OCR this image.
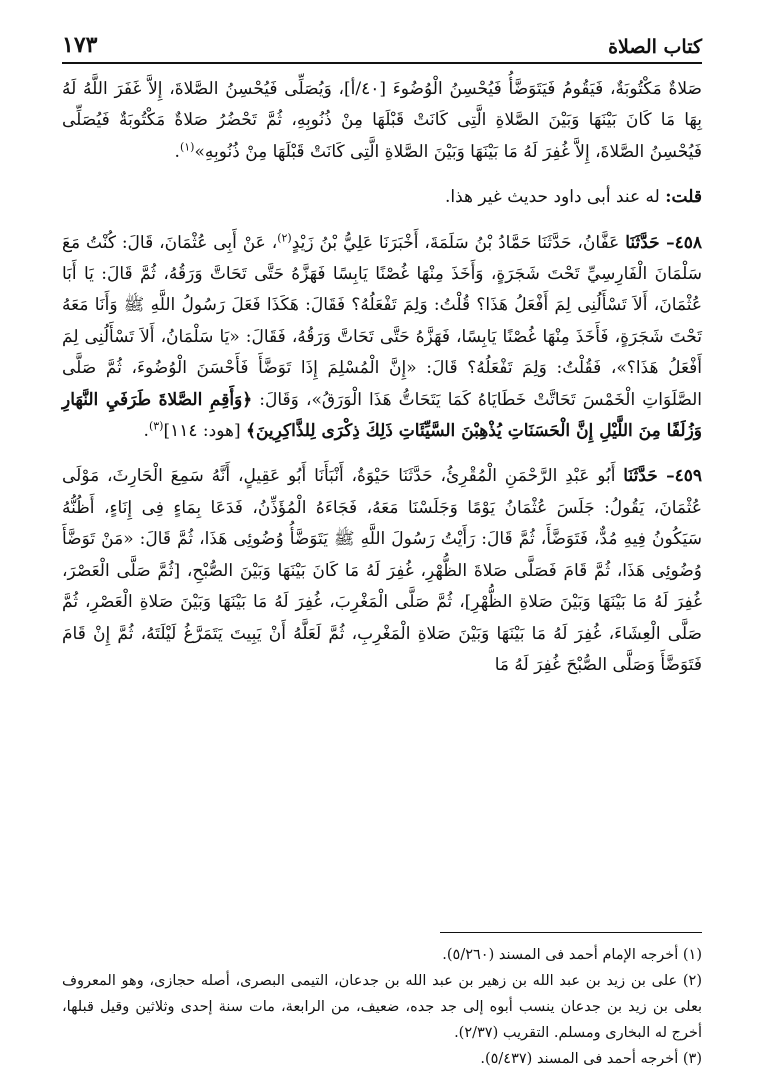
كتاب الصلاة
١٧٣

صَلاةٌ مَكْتُوبَةٌ، فَيَقُومُ فَيَتَوَضَّأُ فَيُحْسِنُ الْوُضُوءَ [٤٠/أ]، وَيُصَلِّى فَيُحْسِنُ الصَّلاةَ، إِلاَّ غَفَرَ اللَّهُ لَهُ بِهَا مَا كَانَ بَيْنَهَا وَبَيْنَ الصَّلاةِ الَّتِى كَانَتْ قَبْلَهَا مِنْ ذُنُوبِهِ، ثُمَّ تَحْضُرُ صَلاةٌ مَكْتُوبَةٌ فَيُصَلِّى فَيُحْسِنُ الصَّلاةَ، إِلاَّ غُفِرَ لَهُ مَا بَيْنَهَا وَبَيْنَ الصَّلاةِ الَّتِى كَانَتْ قَبْلَهَا مِنْ ذُنُوبِهِ»$^{(١)}$.

قلت: له عند أبى داود حديث غير هذا.

٤٥٨– حَدَّثَنَا عَفَّانُ، حَدَّثَنَا حَمَّادُ بْنُ سَلَمَةَ، أَخْبَرَنَا عَلِيُّ بْنُ زَيْدٍ$^{(٢)}$، عَنْ أَبِى عُثْمَانَ، قَالَ: كُنْتُ مَعَ سَلْمَانَ الْفَارِسِيِّ تَحْتَ شَجَرَةٍ، وَأَخَذَ مِنْهَا غُصْنًا يَابِسًا فَهَزَّهُ حَتَّى تَحَاتَّ وَرَقُهُ، ثُمَّ قَالَ: يَا أَبَا عُثْمَانَ، أَلاَ تَسْأَلُنِى لِمَ أَفْعَلُ هَذَا؟ قُلْتُ: وَلِمَ تَفْعَلُهُ؟ فَقَالَ: هَكَذَا فَعَلَ رَسُولُ اللَّهِ ﷺ وَأَنَا مَعَهُ تَحْتَ شَجَرَةٍ، فَأَخَذَ مِنْهَا غُصْنًا يَابِسًا، فَهَزَّهُ حَتَّى تَحَاتَّ وَرَقُهُ، فَقَالَ: «يَا سَلْمَانُ، أَلاَ تَسْأَلُنِى لِمَ أَفْعَلُ هَذَا؟»، فَقُلْتُ: وَلِمَ تَفْعَلُهُ؟ قَالَ: «إِنَّ الْمُسْلِمَ إِذَا تَوَضَّأَ فَأَحْسَنَ الْوُضُوءَ، ثُمَّ صَلَّى الصَّلَوَاتِ الْخَمْسَ تَحَاتَّتْ خَطَايَاهُ كَمَا يَتَحَاتُّ هَذَا الْوَرَقُ»، وَقَالَ: ﴿وَأَقِمِ الصَّلاةَ طَرَفَيِ النَّهَارِ وَزُلَفًا مِنَ اللَّيْلِ إِنَّ الْحَسَنَاتِ يُذْهِبْنَ السَّيِّئَاتِ ذَلِكَ ذِكْرَى لِلذَّاكِرِينَ﴾ [هود: ١١٤]$^{(٣)}$.

٤٥٩– حَدَّثَنَا أَبُو عَبْدِ الرَّحْمَنِ الْمُقْرِئُ، حَدَّثَنَا حَيْوَةُ، أَنْبَأَنَا أَبُو عَقِيلٍ، أَنَّهُ سَمِعَ الْحَارِثَ، مَوْلَى عُثْمَانَ، يَقُولُ: جَلَسَ عُثْمَانُ يَوْمًا وَجَلَسْنَا مَعَهُ، فَجَاءَهُ الْمُؤَذِّنُ، فَدَعَا بِمَاءٍ فِى إِنَاءٍ، أَظُنُّهُ سَيَكُونُ فِيهِ مُدٌّ، فَتَوَضَّأَ، ثُمَّ قَالَ: رَأَيْتُ رَسُولَ اللَّهِ ﷺ يَتَوَضَّأُ وُضُوئِى هَذَا، ثُمَّ قَالَ: «مَنْ تَوَضَّأَ وُضُوئِى هَذَا، ثُمَّ قَامَ فَصَلَّى صَلاةَ الظُّهْرِ، غُفِرَ لَهُ مَا كَانَ بَيْنَهَا وَبَيْنَ الصُّبْحِ، [ثُمَّ صَلَّى الْعَصْرَ، غُفِرَ لَهُ مَا بَيْنَهَا وَبَيْنَ صَلاةِ الظُّهْرِ]، ثُمَّ صَلَّى الْمَغْرِبَ، غُفِرَ لَهُ مَا بَيْنَهَا وَبَيْنَ صَلاةِ الْعَصْرِ، ثُمَّ صَلَّى الْعِشَاءَ، غُفِرَ لَهُ مَا بَيْنَهَا وَبَيْنَ صَلاةِ الْمَغْرِبِ، ثُمَّ لَعَلَّهُ أَنْ يَبِيتَ يَتَمَرَّغُ لَيْلَتَهُ، ثُمَّ إِنْ قَامَ فَتَوَضَّأَ وَصَلَّى الصُّبْحَ غُفِرَ لَهُ مَا

(١) أخرجه الإمام أحمد فى المسند (٥/٢٦٠).

(٢) على بن زيد بن عبد الله بن زهير بن عبد الله بن جدعان، التيمى البصرى، أصله حجازى، وهو المعروف بعلى بن زيد بن جدعان ينسب أبوه إلى جد جده، ضعيف، من الرابعة، مات سنة إحدى وثلاثين وقيل قبلها، أخرج له البخارى ومسلم. التقريب (٢/٣٧).

(٣) أخرجه أحمد فى المسند (٥/٤٣٧).
